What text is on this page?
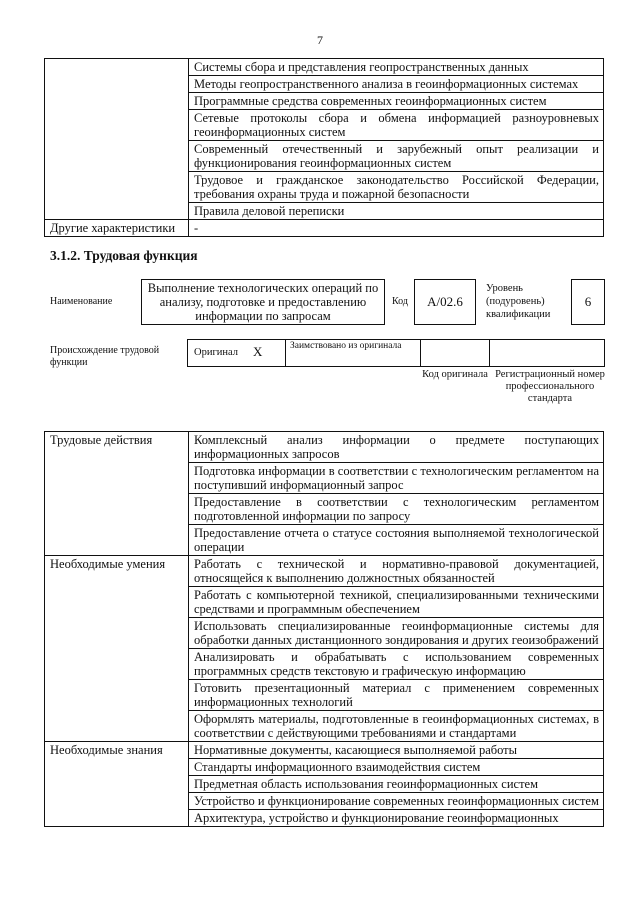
7
	Системы сбора и представления геопространственных данных
	Методы геопространственного анализа в геоинформационных системах
	Программные средства современных геоинформационных систем
	Сетевые протоколы сбора и обмена информацией разноуровневых геоинформационных систем
	Современный отечественный и зарубежный опыт реализации и функционирования геоинформационных систем
	Трудовое и гражданское законодательство Российской Федерации, требования охраны труда и пожарной безопасности
	Правила деловой переписки
Другие характеристики	-
3.1.2. Трудовая функция
Наименование
Выполнение технологических операций по анализу, подготовке и предоставлению информации по запросам
Код	A/02.6
Уровень (подуровень) квалификации
6
Происхождение трудовой функции
Оригинал X	Заимствовано из оригинала
Код оригинала Регистрационный номер профессионального стандарта
Трудовые действия	Комплексный анализ информации о предмете поступающих информационных запросов
	Подготовка информации в соответствии с технологическим регламентом на поступивший информационный запрос
	Предоставление в соответствии с технологическим регламентом подготовленной информации по запросу
	Предоставление отчета о статусе состояния выполняемой технологической операции
Необходимые умения	Работать с технической и нормативно-правовой документацией, относящейся к выполнению должностных обязанностей
	Работать с компьютерной техникой, специализированными техническими средствами и программным обеспечением
	Использовать специализированные геоинформационные системы для обработки данных дистанционного зондирования и других геоизображений
	Анализировать и обрабатывать с использованием современных программных средств текстовую и графическую информацию
	Готовить презентационный материал с применением современных информационных технологий
	Оформлять материалы, подготовленные в геоинформационных системах, в соответствии с действующими требованиями и стандартами
Необходимые знания	Нормативные документы, касающиеся выполняемой работы
	Стандарты информационного взаимодействия систем
	Предметная область использования геоинформационных систем
	Устройство и функционирование современных геоинформационных систем
	Архитектура, устройство и функционирование геоинформационных
